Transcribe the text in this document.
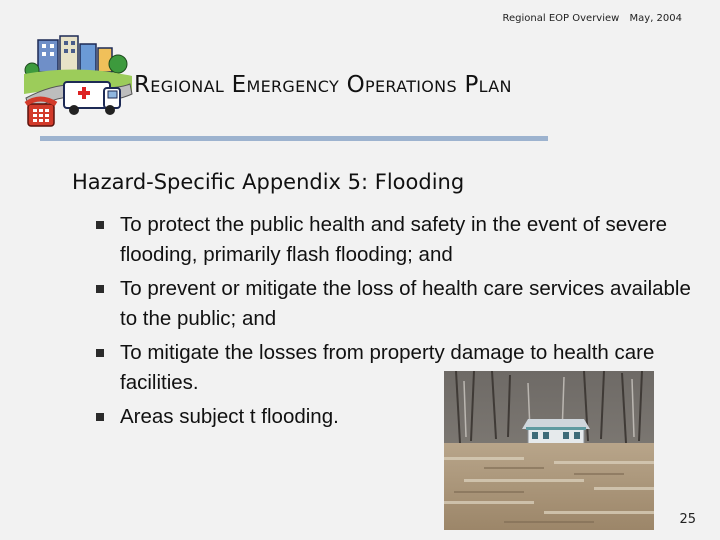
Regional EOP Overview May, 2004
Regional Emergency Operations Plan
Hazard-Specific Appendix 5: Flooding
To protect the public health and safety in the event of severe flooding, primarily flash flooding; and
To prevent or mitigate the loss of health care services available to the public; and
To mitigate the losses from property damage to health care facilities.
Areas subject t flooding.
25
